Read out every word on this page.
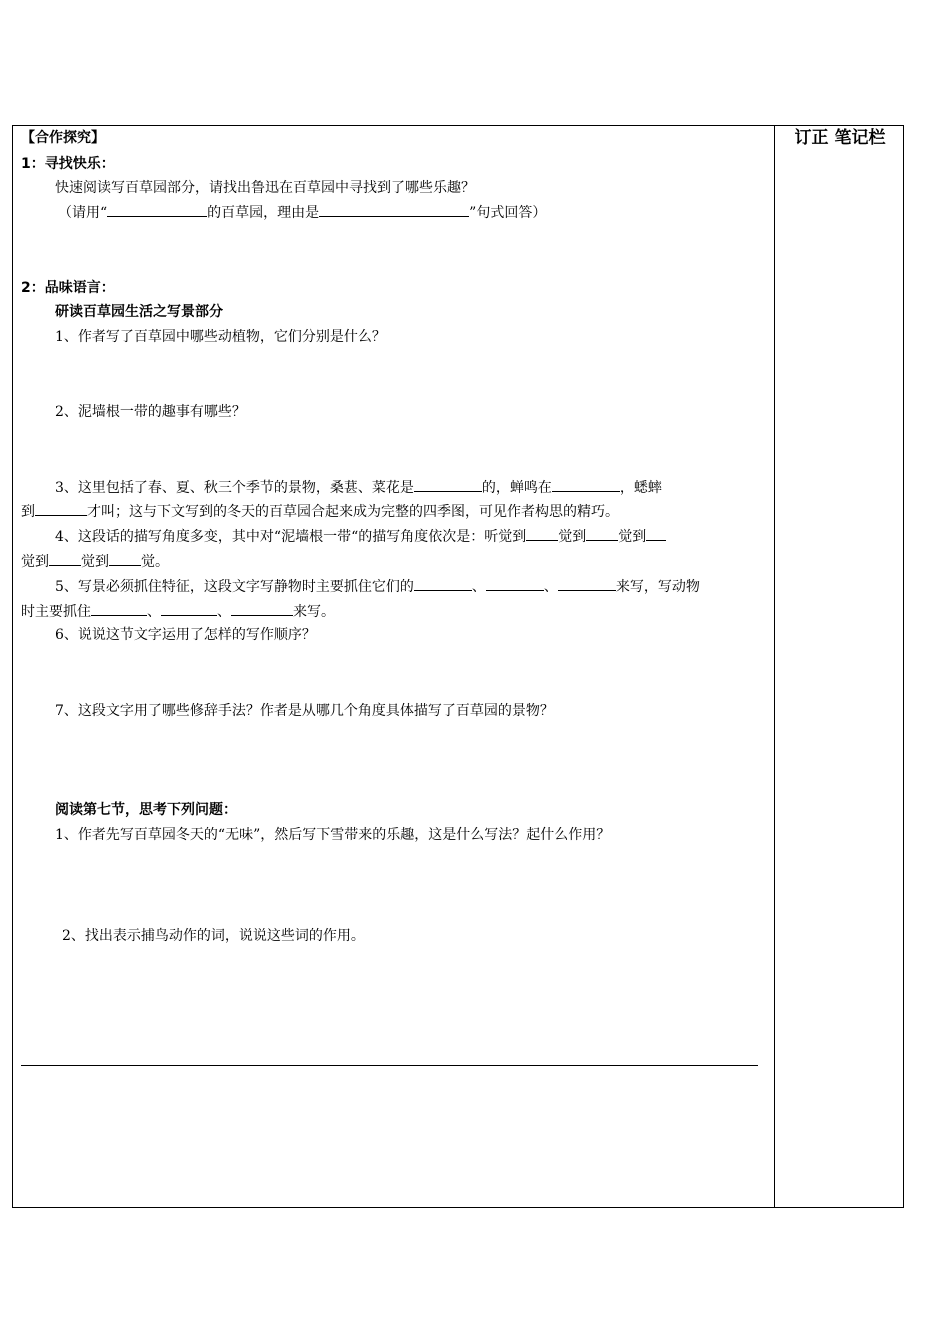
订正 笔记栏
【合作探究】
1：寻找快乐：
快速阅读写百草园部分，请找出鲁迅在百草园中寻找到了哪些乐趣？
（请用“	的百草园，理由是	”句式回答）
2：品味语言：
研读百草园生活之写景部分
1、作者写了百草园中哪些动植物，它们分别是什么？
2、泥墙根一带的趣事有哪些？
3、这里包括了春、夏、秋三个季节的景物，桑葚、菜花是	的，蝉鸣在	，蟋蟀
到	才叫；这与下文写到的冬天的百草园合起来成为完整的四季图，可见作者构思的精巧。
4、这段话的描写角度多变，其中对“泥墙根一带“的描写角度依次是：听觉到 觉到 觉到
觉到 觉到 觉。
5、写景必须抓住特征，这段文字写静物时主要抓住它们的	、	、	来写，写动物
时主要抓住	、	、	来写。
6、说说这节文字运用了怎样的写作顺序？
7、这段文字用了哪些修辞手法？作者是从哪几个角度具体描写了百草园的景物？
阅读第七节，思考下列问题：
1、作者先写百草园冬天的“无味”，然后写下雪带来的乐趣，这是什么写法？起什么作用？
2、找出表示捕鸟动作的词，说说这些词的作用。
